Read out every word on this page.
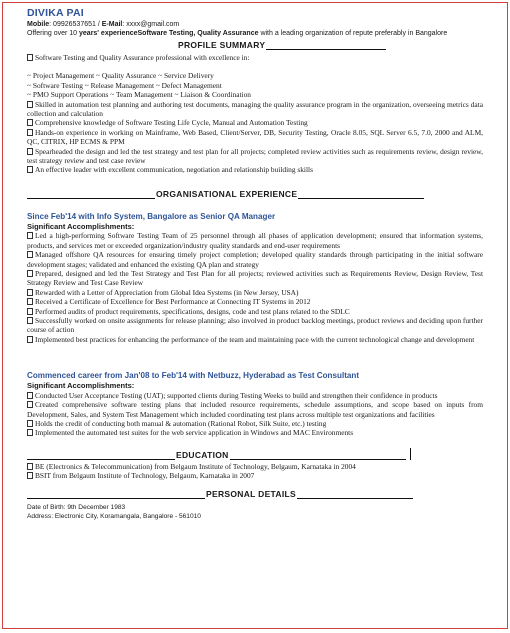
DIVIKA PAI
Mobile: 09926537651 / E-Mail: xxxx@gmail.com
Offering over 10 years' experienceSoftware Testing, Quality Assurance with a leading organization of repute preferably in Bangalore
PROFILE SUMMARY
Software Testing and Quality Assurance professional with excellence in:
~ Project Management ~ Quality Assurance ~ Service Delivery
~ Software Testing ~ Release Management ~ Defect Management
~ PMO Support Operations ~ Team Management ~ Liaison & Coordination
Skilled in automation test planning and authoring test documents, managing the quality assurance program in the organization, overseeing metrics data collection and calculation
Comprehensive knowledge of Software Testing Life Cycle, Manual and Automation Testing
Hands-on experience in working on Mainframe, Web Based, Client/Server, DB, Security Testing, Oracle 8.05, SQL Server 6.5, 7.0, 2000 and ALM, QC, CITRIX, HP ECMS & PPM
Spearheaded the design and led the test strategy and test plan for all projects; completed review activities such as requirements review, design review, test strategy review and test case review
An effective leader with excellent communication, negotiation and relationship building skills
ORGANISATIONAL EXPERIENCE
Since Feb'14 with Info System, Bangalore as Senior QA Manager
Significant Accomplishments:
Led a high-performing Software Testing Team of 25 personnel through all phases of application development; ensured that information systems, products, and services met or exceeded organization/industry quality standards and end-user requirements
Managed offshore QA resources for ensuring timely project completion; developed quality standards through participating in the initial software development stages; validated and enhanced the existing QA plan and strategy
Prepared, designed and led the Test Strategy and Test Plan for all projects; reviewed activities such as Requirements Review, Design Review, Test Strategy Review and Test Case Review
Rewarded with a Letter of Appreciation from Global Idea Systems (in New Jersey, USA)
Received a Certificate of Excellence for Best Performance at Connecting IT Systems in 2012
Performed audits of product requirements, specifications, designs, code and test plans related to the SDLC
Successfully worked on onsite assignments for release planning; also involved in product backlog meetings, product reviews and deciding upon further course of action
Implemented best practices for enhancing the performance of the team and maintaining pace with the current technological change and development
Commenced career from Jan'08 to Feb'14 with Netbuzz, Hyderabad as Test Consultant
Significant Accomplishments:
Conducted User Acceptance Testing (UAT); supported clients during Testing Weeks to build and strengthen their confidence in products
Created comprehensive software testing plans that included resource requirements, schedule assumptions, and scope based on inputs from Development, Sales, and System Test Management which included coordinating test plans across multiple test organizations and facilities
Holds the credit of conducting both manual & automation (Rational Robot, Silk Suite, etc.) testing
Implemented the automated test suites for the web service application in Windows and MAC Environments
EDUCATION
BE (Electronics & Telecommunication) from Belgaum Institute of Technology, Belgaum, Karnataka in 2004
BSIT from Belgaum Institute of Technology, Belgaum, Karnataka in 2007
PERSONAL DETAILS
Date of Birth: 9th December 1983
Address: Electronic City, Koramangala, Bangalore - 561010
